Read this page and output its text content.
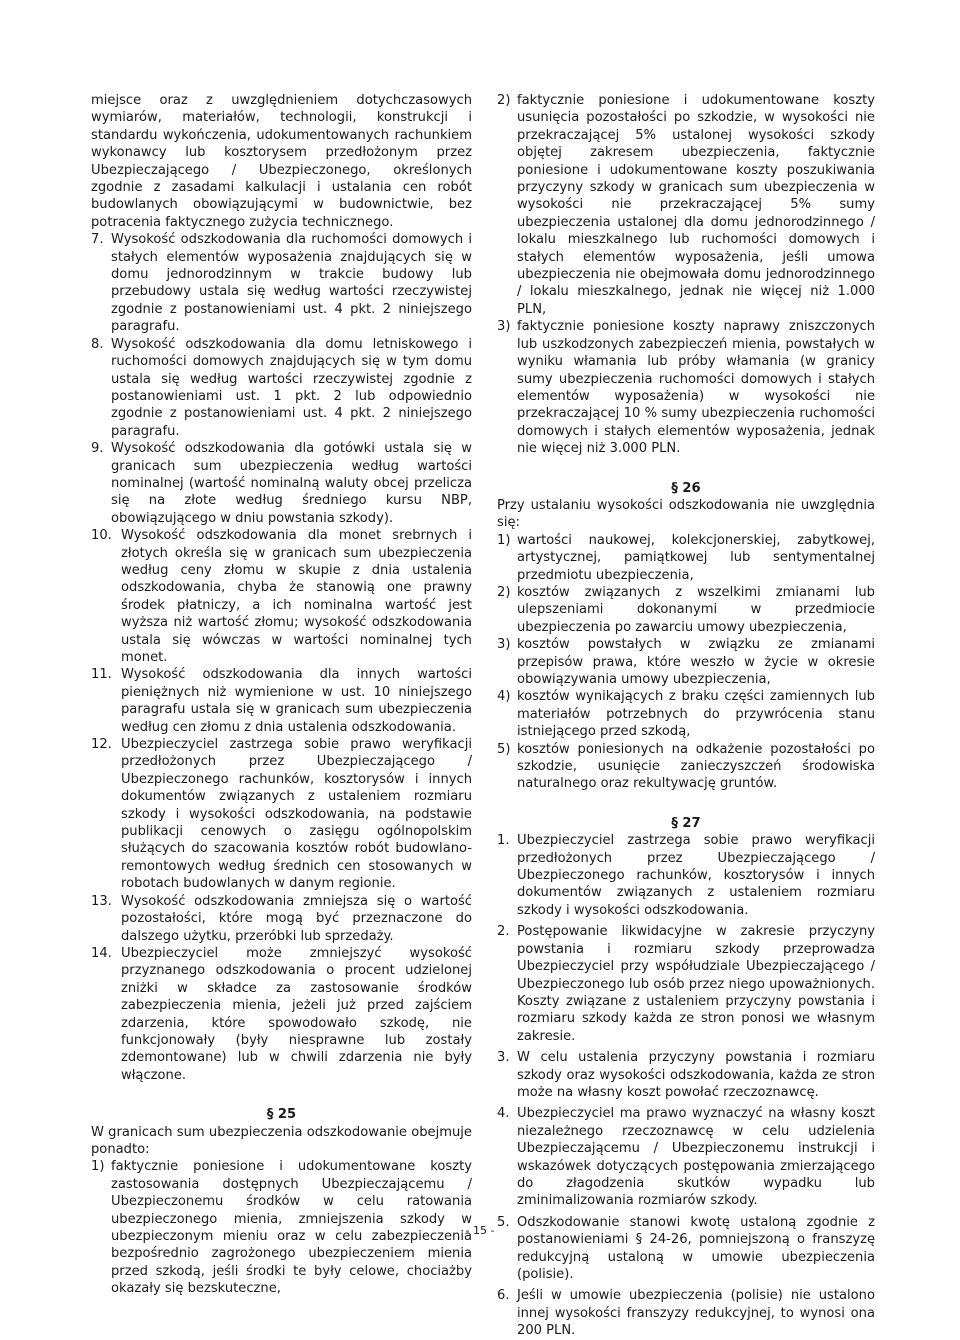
miejsce oraz z uwzględnieniem dotychczasowych wymiarów, materiałów, technologii, konstrukcji i standardu wykończenia, udokumentowanych rachunkiem wykonawcy lub kosztorysem przedłożonym przez Ubezpieczającego / Ubezpieczonego, określonych zgodnie z zasadami kalkulacji i ustalania cen robót budowlanych obowiązującymi w budownictwie, bez potracenia faktycznego zużycia technicznego.

7. Wysokość odszkodowania dla ruchomości domowych i stałych elementów wyposażenia znajdujących się w domu jednorodzinnym w trakcie budowy lub przebudowy ustala się według wartości rzeczywistej zgodnie z postanowieniami ust. 4 pkt. 2 niniejszego paragrafu.
8. Wysokość odszkodowania dla domu letniskowego i ruchomości domowych znajdujących się w tym domu ustala się według wartości rzeczywistej zgodnie z postanowieniami ust. 1 pkt. 2 lub odpowiednio zgodnie z postanowieniami ust. 4 pkt. 2 niniejszego paragrafu.
9. Wysokość odszkodowania dla gotówki ustala się w granicach sum ubezpieczenia według wartości nominalnej (wartość nominalną waluty obcej przelicza się na złote według średniego kursu NBP, obowiązującego w dniu powstania szkody).
10. Wysokość odszkodowania dla monet srebrnych i złotych określa się w granicach sum ubezpieczenia według ceny złomu w skupie z dnia ustalenia odszkodowania, chyba że stanowią one prawny środek płatniczy, a ich nominalna wartość jest wyższa niż wartość złomu; wysokość odszkodowania ustala się wówczas w wartości nominalnej tych monet.
11. Wysokość odszkodowania dla innych wartości pieniężnych niż wymienione w ust. 10 niniejszego paragrafu ustala się w granicach sum ubezpieczenia według cen złomu z dnia ustalenia odszkodowania.
12. Ubezpieczyciel zastrzega sobie prawo weryfikacji przedłożonych przez Ubezpieczającego / Ubezpieczonego rachunków, kosztorysów i innych dokumentów związanych z ustaleniem rozmiaru szkody i wysokości odszkodowania, na podstawie publikacji cenowych o zasięgu ogólnopolskim służących do szacowania kosztów robót budowlano-remontowych według średnich cen stosowanych w robotach budowlanych w danym regionie.
13. Wysokość odszkodowania zmniejsza się o wartość pozostałości, które mogą być przeznaczone do dalszego użytku, przeróbki lub sprzedaży.
14. Ubezpieczyciel może zmniejszyć wysokość przyznanego odszkodowania o procent udzielonej zniżki w składce za zastosowanie środków zabezpieczenia mienia, jeżeli już przed zajściem zdarzenia, które spowodowało szkodę, nie funkcjonowały (były niesprawne lub zostały zdemontowane) lub w chwili zdarzenia nie były włączone.

§ 25

W granicach sum ubezpieczenia odszkodowanie obejmuje ponadto:

1) faktycznie poniesione i udokumentowane koszty zastosowania dostępnych Ubezpieczającemu / Ubezpieczonemu środków w celu ratowania ubezpieczonego mienia, zmniejszenia szkody w ubezpieczonym mieniu oraz w celu zabezpieczenia bezpośrednio zagrożonego ubezpieczeniem mienia przed szkodą, jeśli środki te były celowe, chociażby okazały się bezskuteczne,
2) faktycznie poniesione i udokumentowane koszty usunięcia pozostałości po szkodzie, w wysokości nie przekraczającej 5% ustalonej wysokości szkody objętej zakresem ubezpieczenia, faktycznie poniesione i udokumentowane koszty poszukiwania przyczyny szkody w granicach sum ubezpieczenia w wysokości nie przekraczającej 5% sumy ubezpieczenia ustalonej dla domu jednorodzinnego / lokalu mieszkalnego lub ruchomości domowych i stałych elementów wyposażenia, jeśli umowa ubezpieczenia nie obejmowała domu jednorodzinnego / lokalu mieszkalnego, jednak nie więcej niż 1.000 PLN,
3) faktycznie poniesione koszty naprawy zniszczonych lub uszkodzonych zabezpieczeń mienia, powstałych w wyniku włamania lub próby włamania (w granicy sumy ubezpieczenia ruchomości domowych i stałych elementów wyposażenia) w wysokości nie przekraczającej 10 % sumy ubezpieczenia ruchomości domowych i stałych elementów wyposażenia, jednak nie więcej niż 3.000 PLN.

§ 26

Przy ustalaniu wysokości odszkodowania nie uwzględnia się:

1) wartości naukowej, kolekcjonerskiej, zabytkowej, artystycznej, pamiątkowej lub sentymentalnej przedmiotu ubezpieczenia,
2) kosztów związanych z wszelkimi zmianami lub ulepszeniami dokonanymi w przedmiocie ubezpieczenia po zawarciu umowy ubezpieczenia,
3) kosztów powstałych w związku ze zmianami przepisów prawa, które weszło w życie w okresie obowiązywania umowy ubezpieczenia,
4) kosztów wynikających z braku części zamiennych lub materiałów potrzebnych do przywrócenia stanu istniejącego przed szkodą,
5) kosztów poniesionych na odkażenie pozostałości po szkodzie, usunięcie zanieczyszczeń środowiska naturalnego oraz rekultywację gruntów.

§ 27

1. Ubezpieczyciel zastrzega sobie prawo weryfikacji przedłożonych przez Ubezpieczającego / Ubezpieczonego rachunków, kosztorysów i innych dokumentów związanych z ustaleniem rozmiaru szkody i wysokości odszkodowania.
2. Postępowanie likwidacyjne w zakresie przyczyny powstania i rozmiaru szkody przeprowadza Ubezpieczyciel przy współudziale Ubezpieczającego / Ubezpieczonego lub osób przez niego upoważnionych. Koszty związane z ustaleniem przyczyny powstania i rozmiaru szkody każda ze stron ponosi we własnym zakresie.
3. W celu ustalenia przyczyny powstania i rozmiaru szkody oraz wysokości odszkodowania, każda ze stron może na własny koszt powołać rzeczoznawcę.
4. Ubezpieczyciel ma prawo wyznaczyć na własny koszt niezależnego rzeczoznawcę w celu udzielenia Ubezpieczającemu / Ubezpieczonemu instrukcji i wskazówek dotyczących postępowania zmierzającego do złagodzenia skutków wypadku lub zminimalizowania rozmiarów szkody.
5. Odszkodowanie stanowi kwotę ustaloną zgodnie z postanowieniami § 24-26, pomniejszoną o franszyzę redukcyjną ustaloną w umowie ubezpieczenia (polisie).
6. Jeśli w umowie ubezpieczenia (polisie) nie ustalono innej wysokości franszyzy redukcyjnej, to wynosi ona 200 PLN.
- 15 -
